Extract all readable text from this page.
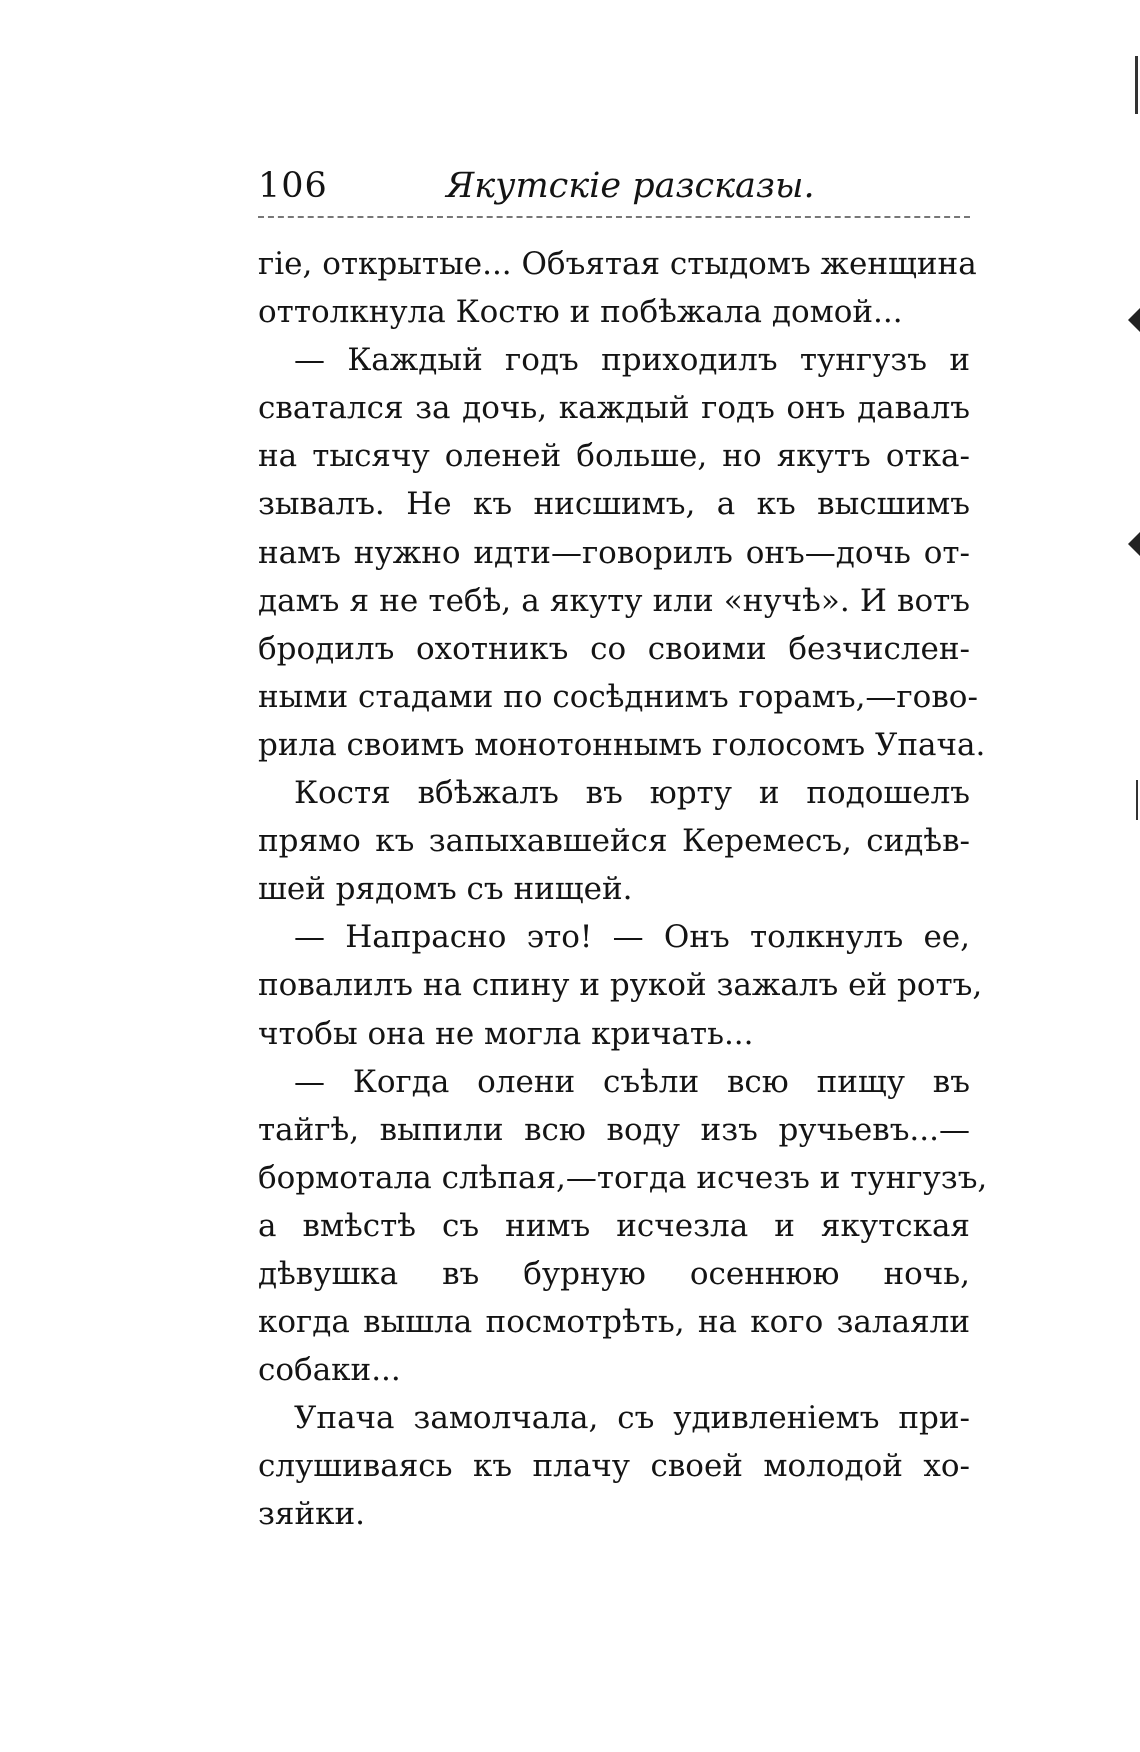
106	Якутскіе разсказы.
гіе, открытые... Объятая стыдомъ женщина
оттолкнула Костю и побѣжала домой...
— Каждый годъ приходилъ тунгузъ и
сватался за дочь, каждый годъ онъ давалъ
на тысячу оленей больше, но якутъ отка-
зывалъ. Не къ нисшимъ, а къ высшимъ
намъ нужно идти—говорилъ онъ—дочь от-
дамъ я не тебѣ, а якуту или «нучѣ». И вотъ
бродилъ охотникъ со своими безчислен-
ными стадами по сосѣднимъ горамъ,—гово-
рила своимъ монотоннымъ голосомъ Упача.
Костя вбѣжалъ въ юрту и подошелъ
прямо къ запыхавшейся Керемесъ, сидѣв-
шей рядомъ съ нищей.
— Напрасно это! — Онъ толкнулъ ее,
повалилъ на спину и рукой зажалъ ей ротъ,
чтобы она не могла кричать...
— Когда олени съѣли всю пищу въ
тайгѣ, выпили всю воду изъ ручьевъ...—
бормотала слѣпая,—тогда исчезъ и тунгузъ,
а вмѣстѣ съ нимъ исчезла и якутская
дѣвушка въ бурную осеннюю ночь,
когда вышла посмотрѣть, на кого залаяли
собаки...
Упача замолчала, съ удивленіемъ при-
слушиваясь къ плачу своей молодой хо-
зяйки.
